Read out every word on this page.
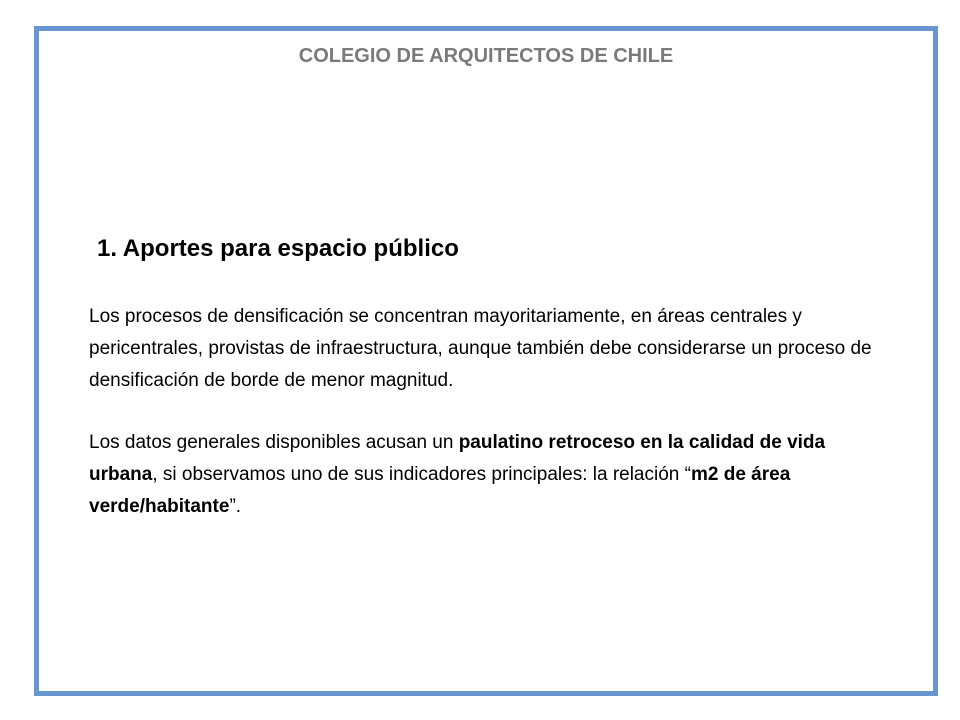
COLEGIO DE ARQUITECTOS DE CHILE
1. Aportes para espacio público

Los procesos de densificación se concentran mayoritariamente, en áreas centrales y pericentrales, provistas de infraestructura, aunque también debe considerarse un proceso de densificación de borde de menor magnitud.

Los datos generales disponibles acusan un paulatino retroceso en la calidad de vida urbana, si observamos uno de sus indicadores principales: la relación “m2 de área verde/habitante”.
